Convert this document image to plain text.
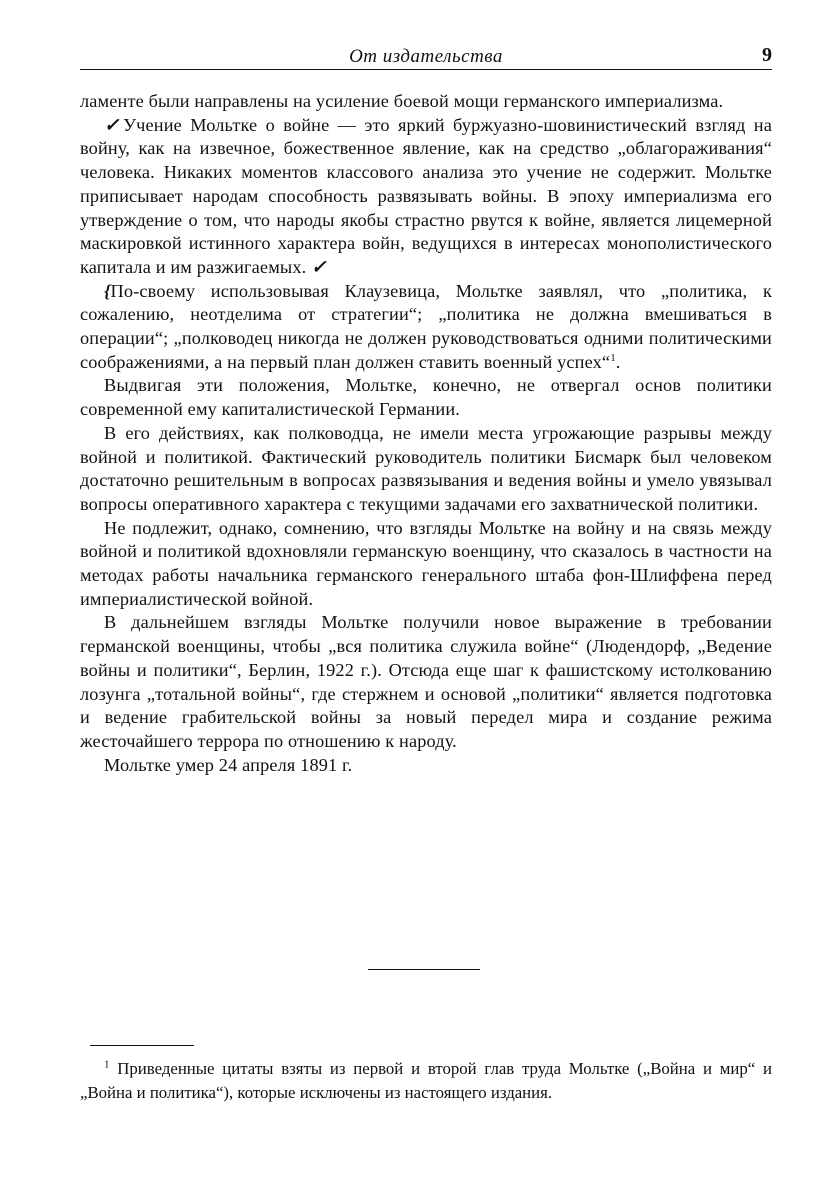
От издательства	9

ламенте были направлены на усиление боевой мощи германского империализма.

✓Учение Мольтке о войне — это яркий буржуазно-шовинистический взгляд на войну, как на извечное, божественное явление, как на средство „облагораживания“ человека. Никаких моментов классового анализа это учение не содержит. Мольтке приписывает народам способность развязывать войны. В эпоху империализма его утверждение о том, что народы якобы страстно рвутся к войне, является лицемерной маскировкой истинного характера войн, ведущихся в интересах монополистического капитала и им разжигаемых. ✓

{По-своему использовывая Клаузевица, Мольтке заявлял, что „политика, к сожалению, неотделима от стратегии“; „политика не должна вмешиваться в операции“; „полководец никогда не должен руководствоваться одними политическими соображениями, а на первый план должен ставить военный успех“$^1$.

Выдвигая эти положения, Мольтке, конечно, не отвергал основ политики современной ему капиталистической Германии.

В его действиях, как полководца, не имели места угрожающие разрывы между войной и политикой. Фактический руководитель политики Бисмарк был человеком достаточно решительным в вопросах развязывания и ведения войны и умело увязывал вопросы оперативного характера с текущими задачами его захватнической политики.

Не подлежит, однако, сомнению, что взгляды Мольтке на войну и на связь между войной и политикой вдохновляли германскую военщину, что сказалось в частности на методах работы начальника германского генерального штаба фон-Шлиффена перед империалистической войной.

В дальнейшем взгляды Мольтке получили новое выражение в требовании германской военщины, чтобы „вся политика служила войне“ (Людендорф, „Ведение войны и политики“, Берлин, 1922 г.). Отсюда еще шаг к фашистскому истолкованию лозунга „тотальной войны“, где стержнем и основой „политики“ является подготовка и ведение грабительской войны за новый передел мира и создание режима жесточайшего террора по отношению к народу.

Мольтке умер 24 апреля 1891 г.

$^1$ Приведенные цитаты взяты из первой и второй глав труда Мольтке („Война и мир“ и „Война и политика“), которые исключены из настоящего издания.
